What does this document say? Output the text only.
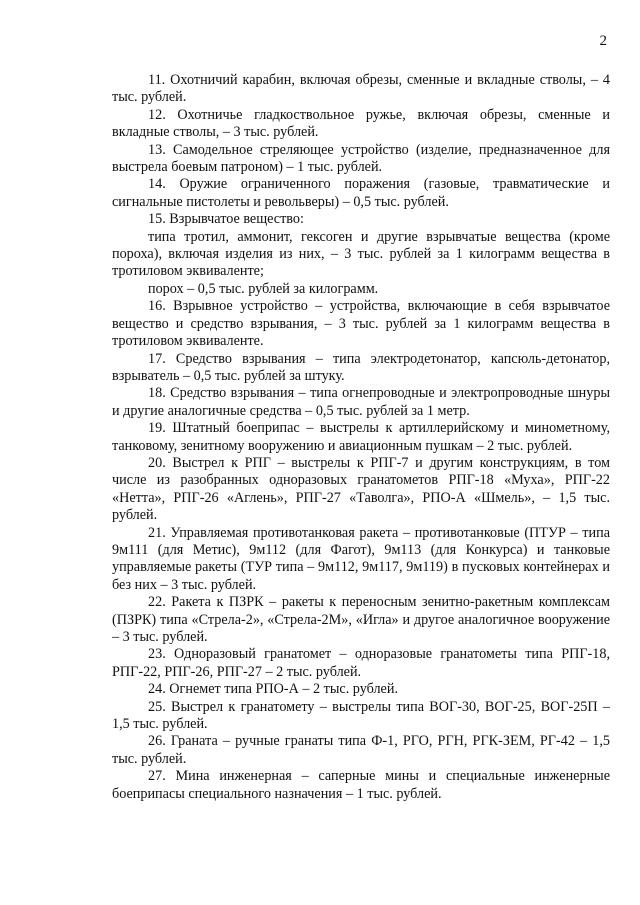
2

11. Охотничий карабин, включая обрезы, сменные и вкладные стволы, – 4 тыс. рублей.

12. Охотничье гладкоствольное ружье, включая обрезы, сменные и вкладные стволы, – 3 тыс. рублей.

13. Самодельное стреляющее устройство (изделие, предназначенное для выстрела боевым патроном) – 1 тыс. рублей.

14. Оружие ограниченного поражения (газовые, травматические и сигнальные пистолеты и револьверы) – 0,5 тыс. рублей.

15. Взрывчатое вещество:

типа тротил, аммонит, гексоген и другие взрывчатые вещества (кроме пороха), включая изделия из них, – 3 тыс. рублей за 1 килограмм вещества в тротиловом эквиваленте;

порох – 0,5 тыс. рублей за килограмм.

16. Взрывное устройство – устройства, включающие в себя взрывчатое вещество и средство взрывания, – 3 тыс. рублей за 1 килограмм вещества в тротиловом эквиваленте.

17. Средство взрывания – типа электродетонатор, капсюль-детонатор, взрыватель – 0,5 тыс. рублей за штуку.

18. Средство взрывания – типа огнепроводные и электропроводные шнуры и другие аналогичные средства – 0,5 тыс. рублей за 1 метр.

19. Штатный боеприпас – выстрелы к артиллерийскому и минометному, танковому, зенитному вооружению и авиационным пушкам – 2 тыс. рублей.

20. Выстрел к РПГ – выстрелы к РПГ-7 и другим конструкциям, в том числе из разобранных одноразовых гранатометов РПГ-18 «Муха», РПГ-22 «Нетта», РПГ-26 «Аглень», РПГ-27 «Таволга», РПО-А «Шмель», – 1,5 тыс. рублей.

21. Управляемая противотанковая ракета – противотанковые (ПТУР – типа 9м111 (для Метис), 9м112 (для Фагот), 9м113 (для Конкурса) и танковые управляемые ракеты (ТУР типа – 9м112, 9м117, 9м119) в пусковых контейнерах и без них – 3 тыс. рублей.

22. Ракета к ПЗРК – ракеты к переносным зенитно-ракетным комплексам (ПЗРК) типа «Стрела-2», «Стрела-2М», «Игла» и другое аналогичное вооружение – 3 тыс. рублей.

23. Одноразовый гранатомет – одноразовые гранатометы типа РПГ-18, РПГ-22, РПГ-26, РПГ-27 – 2 тыс. рублей.

24. Огнемет типа РПО-А – 2 тыс. рублей.

25. Выстрел к гранатомету – выстрелы типа ВОГ-30, ВОГ-25, ВОГ-25П – 1,5 тыс. рублей.

26. Граната – ручные гранаты типа Ф-1, РГО, РГН, РГК-ЗЕМ, РГ-42 – 1,5 тыс. рублей.

27. Мина инженерная – саперные мины и специальные инженерные боеприпасы специального назначения – 1 тыс. рублей.
